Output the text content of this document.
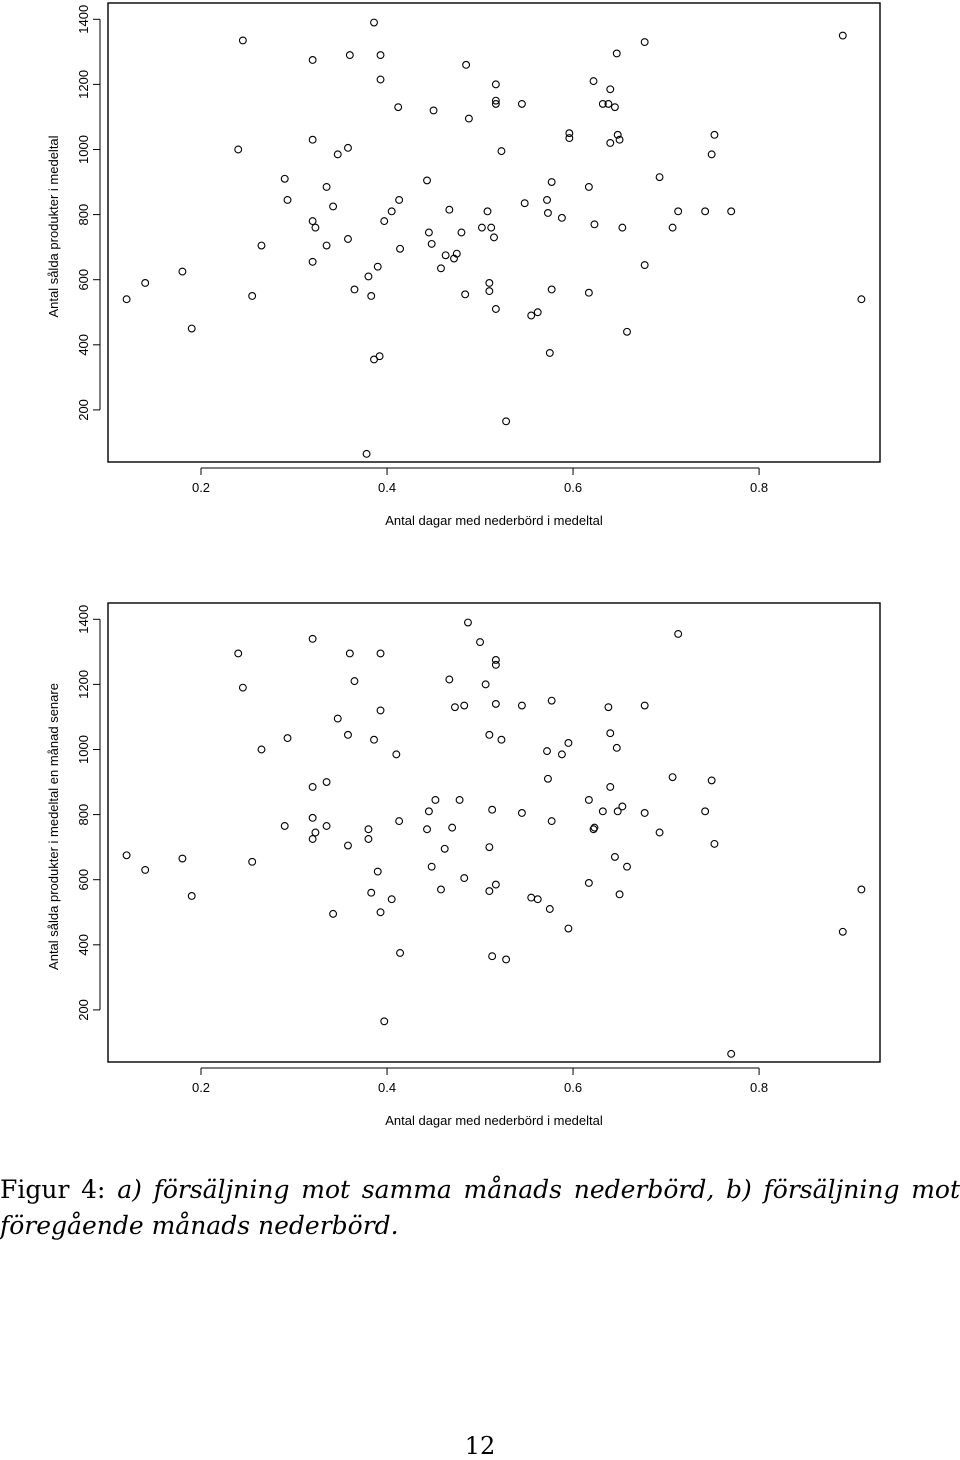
0.2	0.4	0.6	0.8
200
400
600
800
1000
1200
1400
Antal dagar med nederbörd i medeltal
Antal sålda produkter i medeltal
0.2	0.4	0.6	0.8
200
400
600
800
1000
1200
1400
Antal dagar med nederbörd i medeltal
Antal sålda produkter i medeltal en månad senare

Figur 4: a) försäljning mot samma månads nederbörd, b) försäljning mot föregående månads nederbörd.

12
